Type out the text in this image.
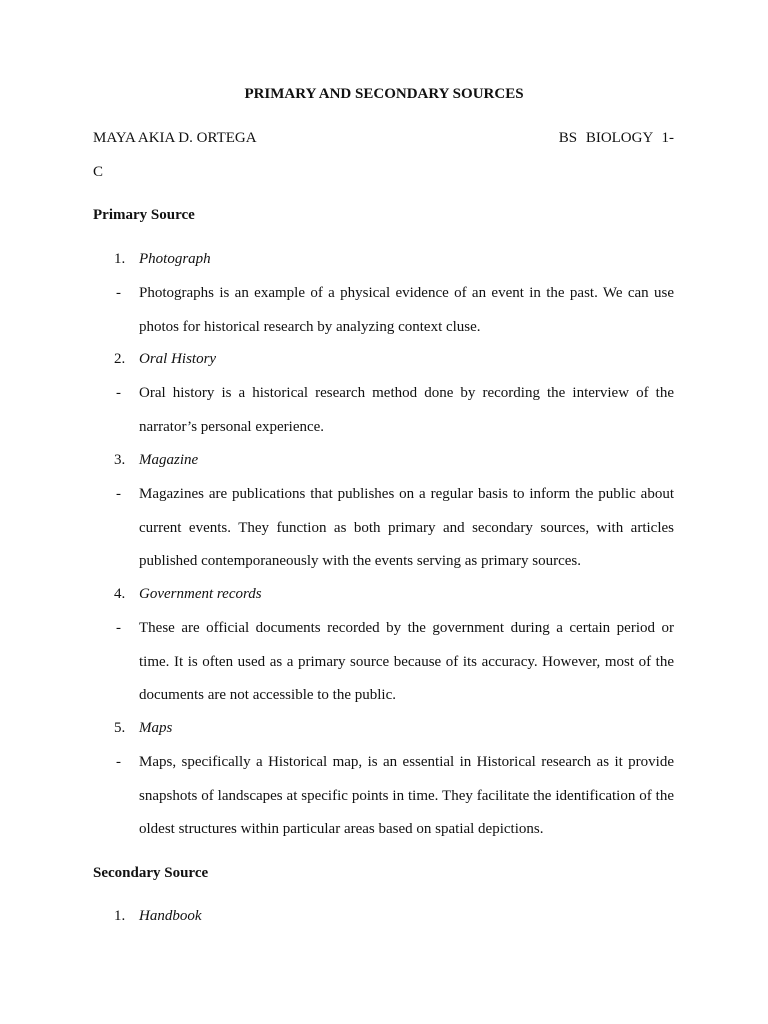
PRIMARY AND SECONDARY SOURCES
MAYA AKIA D. ORTEGA	BS BIOLOGY 1-
C
Primary Source
1. Photograph
- Photographs is an example of a physical evidence of an event in the past. We can use photos for historical research by analyzing context cluse.

2. Oral History
- Oral history is a historical research method done by recording the interview of the narrator’s personal experience.

3. Magazine
- Magazines are publications that publishes on a regular basis to inform the public about current events. They function as both primary and secondary sources, with articles published contemporaneously with the events serving as primary sources.

4. Government records
- These are official documents recorded by the government during a certain period or time. It is often used as a primary source because of its accuracy. However, most of the documents are not accessible to the public.

5. Maps
- Maps, specifically a Historical map, is an essential in Historical research as it provide snapshots of landscapes at specific points in time. They facilitate the identification of the oldest structures within particular areas based on spatial depictions.

Secondary Source
1. Handbook
